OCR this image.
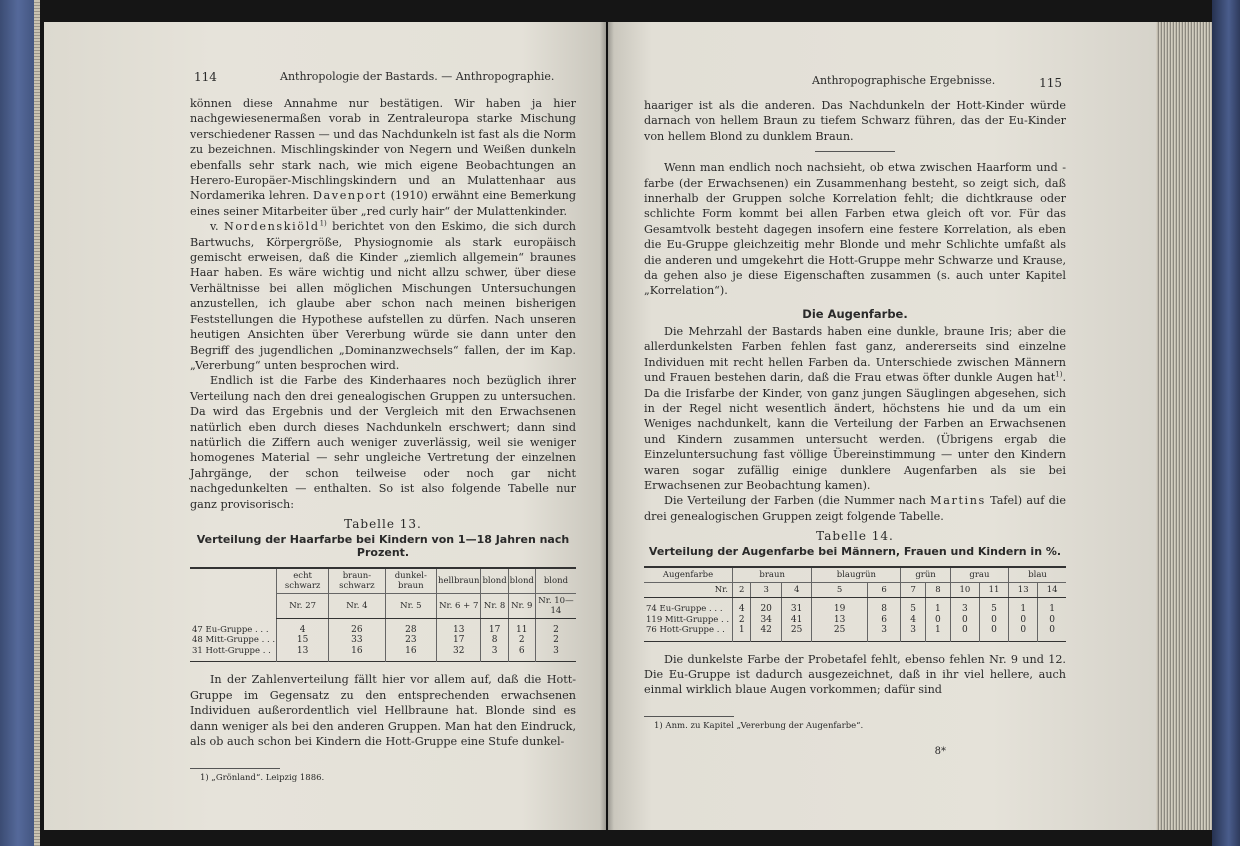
114	Anthropologie der Bastards. — Anthropographie.

können diese Annahme nur bestätigen. Wir haben ja hier nachgewiesenermaßen vorab in Zentraleuropa starke Mischung verschiedener Rassen — und das Nachdunkeln ist fast als die Norm zu bezeichnen. Mischlingskinder von Negern und Weißen dunkeln ebenfalls sehr stark nach, wie mich eigene Beobachtungen an Herero-Europäer-Mischlingskindern und an Mulattenhaar aus Nordamerika lehren. Davenport (1910) erwähnt eine Bemerkung eines seiner Mitarbeiter über „red curly hair“ der Mulattenkinder.

v. Nordenskiöld$^{1)}$ berichtet von den Eskimo, die sich durch Bartwuchs, Körpergröße, Physiognomie als stark europäisch gemischt erweisen, daß die Kinder „ziemlich allgemein“ braunes Haar haben. Es wäre wichtig und nicht allzu schwer, über diese Verhältnisse bei allen möglichen Mischungen Untersuchungen anzustellen, ich glaube aber schon nach meinen bisherigen Feststellungen die Hypothese aufstellen zu dürfen. Nach unseren heutigen Ansichten über Vererbung würde sie dann unter den Begriff des jugendlichen „Dominanzwechsels“ fallen, der im Kap. „Vererbung“ unten besprochen wird.

Endlich ist die Farbe des Kinderhaares noch bezüglich ihrer Verteilung nach den drei genealogischen Gruppen zu untersuchen. Da wird das Ergebnis und der Vergleich mit den Erwachsenen natürlich eben durch dieses Nachdunkeln erschwert; dann sind natürlich die Ziffern auch weniger zuverlässig, weil sie weniger homogenes Material — sehr ungleiche Vertretung der einzelnen Jahrgänge, der schon teilweise oder noch gar nicht nachgedunkelten — enthalten. So ist also folgende Tabelle nur ganz provisorisch:

Tabelle 13.
Verteilung der Haarfarbe bei Kindern von 1—18 Jahren nach Prozent.
	echt schwarz	braun-schwarz	dunkel-braun	hellbraun	blond	blond	blond
	Nr. 27	Nr. 4	Nr. 5	Nr. 6 + 7	Nr. 8	Nr. 9	Nr. 10—14
47 Eu-Gruppe . . .	4	26	28	13	17	11	2
48 Mitt-Gruppe . . .	15	33	23	17	8	2	2
31 Hott-Gruppe . .	13	16	16	32	3	6	3

In der Zahlenverteilung fällt hier vor allem auf, daß die Hott-Gruppe im Gegensatz zu den entsprechenden erwachsenen Individuen außerordentlich viel Hellbraune hat. Blonde sind es dann weniger als bei den anderen Gruppen. Man hat den Eindruck, als ob auch schon bei Kindern die Hott-Gruppe eine Stufe dunkel-

1) „Grönland“. Leipzig 1886.

Anthropographische Ergebnisse.	115

haariger ist als die anderen. Das Nachdunkeln der Hott-Kinder würde darnach von hellem Braun zu tiefem Schwarz führen, das der Eu-Kinder von hellem Blond zu dunklem Braun.

Wenn man endlich noch nachsieht, ob etwa zwischen Haarform und -farbe (der Erwachsenen) ein Zusammenhang besteht, so zeigt sich, daß innerhalb der Gruppen solche Korrelation fehlt; die dichtkrause oder schlichte Form kommt bei allen Farben etwa gleich oft vor. Für das Gesamtvolk besteht dagegen insofern eine festere Korrelation, als eben die Eu-Gruppe gleichzeitig mehr Blonde und mehr Schlichte umfaßt als die anderen und umgekehrt die Hott-Gruppe mehr Schwarze und Krause, da gehen also je diese Eigenschaften zusammen (s. auch unter Kapitel „Korrelation“).

Die Augenfarbe.

Die Mehrzahl der Bastards haben eine dunkle, braune Iris; aber die allerdunkelsten Farben fehlen fast ganz, andererseits sind einzelne Individuen mit recht hellen Farben da. Unterschiede zwischen Männern und Frauen bestehen darin, daß die Frau etwas öfter dunkle Augen hat$^{1)}$. Da die Irisfarbe der Kinder, von ganz jungen Säuglingen abgesehen, sich in der Regel nicht wesentlich ändert, höchstens hie und da um ein Weniges nachdunkelt, kann die Verteilung der Farben an Erwachsenen und Kindern zusammen untersucht werden. (Übrigens ergab die Einzeluntersuchung fast völlige Übereinstimmung — unter den Kindern waren sogar zufällig einige dunklere Augenfarben als sie bei Erwachsenen zur Beobachtung kamen).

Die Verteilung der Farben (die Nummer nach Martins Tafel) auf die drei genealogischen Gruppen zeigt folgende Tabelle.

Tabelle 14.
Verteilung der Augenfarbe bei Männern, Frauen und Kindern in %.
Augenfarbe	braun			blaugrün		grün		grau		blau	
Nr.	2	3	4	5	6	7	8	10	11	13	14
74 Eu-Gruppe . . .	4	20	31	19	8	5	1	3	5	1	1
119 Mitt-Gruppe . .	2	34	41	13	6	4	0	0	0	0	0
76 Hott-Gruppe . .	1	42	25	25	3	3	1	0	0	0	0

Die dunkelste Farbe der Probetafel fehlt, ebenso fehlen Nr. 9 und 12. Die Eu-Gruppe ist dadurch ausgezeichnet, daß in ihr viel hellere, auch einmal wirklich blaue Augen vorkommen; dafür sind

1) Anm. zu Kapitel „Vererbung der Augenfarbe“.

8*
